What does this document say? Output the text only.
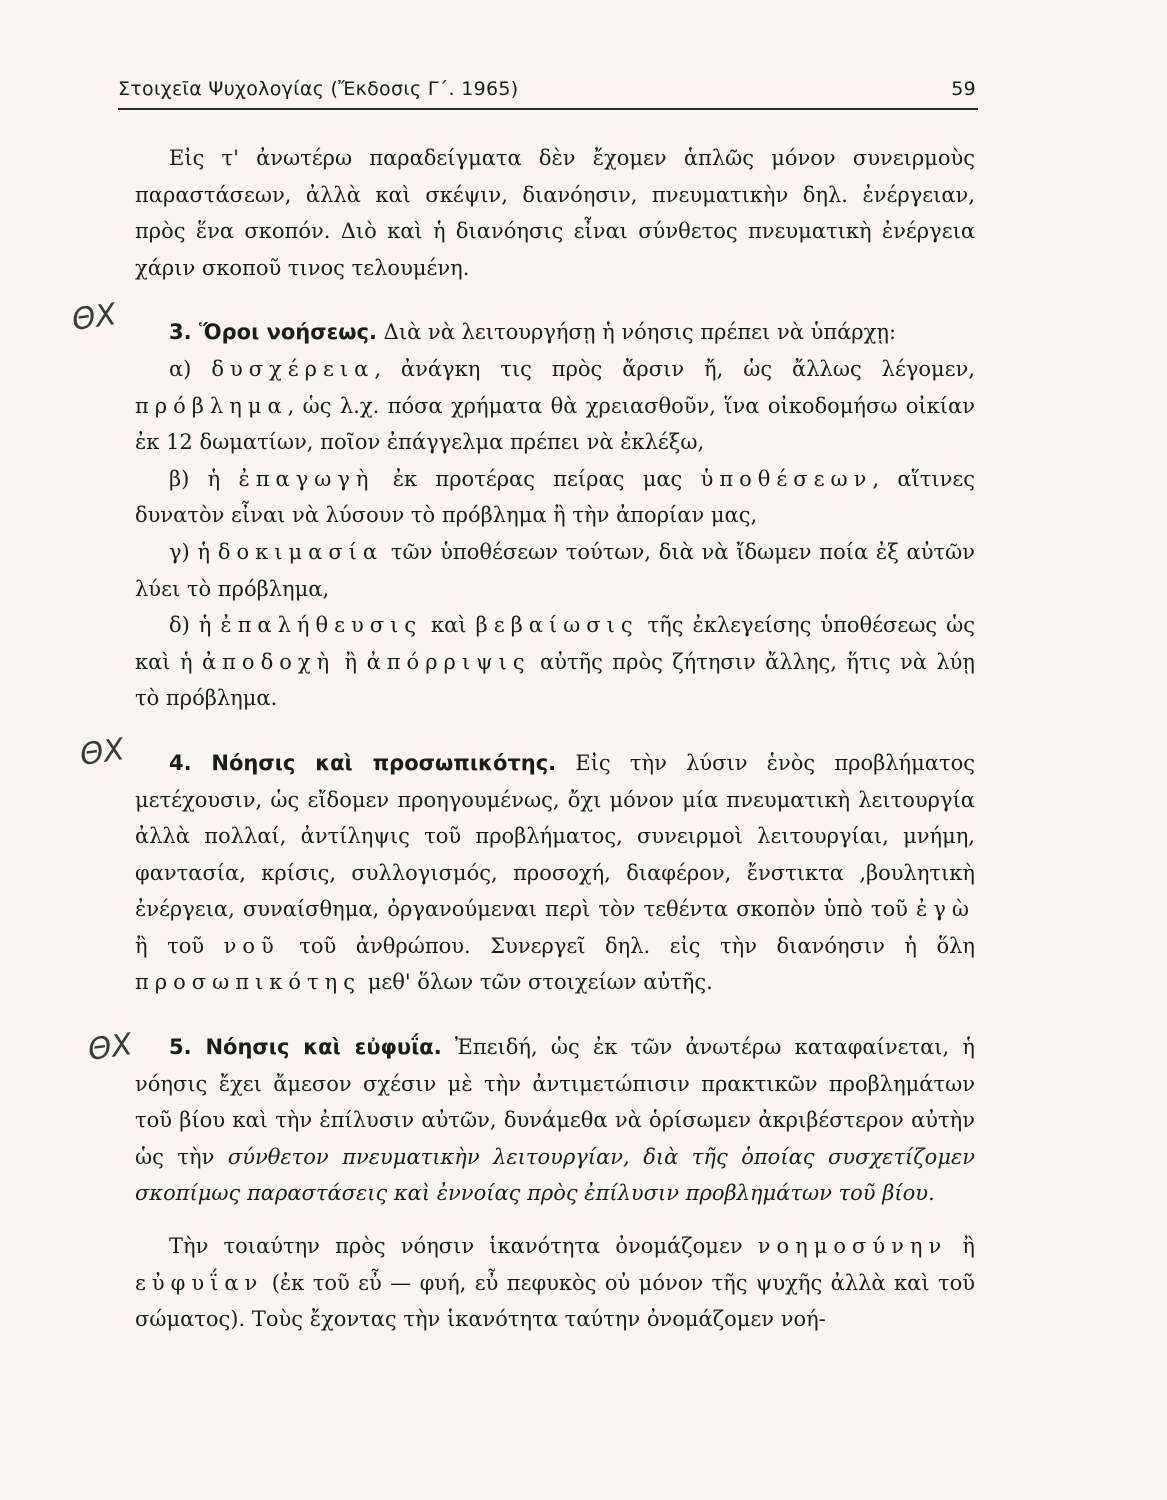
Στοιχεῖα Ψυχολογίας (Ἔκδοσις Γ΄. 1965)	59
ΘΧ
ΘΧ
ΘΧ

Εἰς τ' ἀνωτέρω παραδείγματα δὲν ἔχομεν ἁπλῶς μόνον συνειρμοὺς παραστάσεων, ἀλλὰ καὶ σκέψιν, διανόησιν, πνευματικὴν δηλ. ἐνέργειαν, πρὸς ἕνα σκοπόν. Διὸ καὶ ἡ διανόησις εἶναι σύνθετος πνευματικὴ ἐνέργεια χάριν σκοποῦ τινος τελουμένη.

3. Ὅροι νοήσεως. Διὰ νὰ λειτουργήσῃ ἡ νόησις πρέπει νὰ ὑπάρχῃ:

α) δυσχέρεια, ἀνάγκη τις πρὸς ἄρσιν ἤ, ὡς ἄλλως λέγομεν, πρόβλημα, ὡς λ.χ. πόσα χρήματα θὰ χρειασθοῦν, ἵνα οἰκοδομήσω οἰκίαν ἐκ 12 δωματίων, ποῖον ἐπάγγελμα πρέπει νὰ ἐκλέξω,

β) ἡ ἐπαγωγὴ ἐκ προτέρας πείρας μας ὑποθέσεων, αἵτινες δυνατὸν εἶναι νὰ λύσουν τὸ πρόβλημα ἢ τὴν ἀπορίαν μας,

γ) ἡ δοκιμασία τῶν ὑποθέσεων τούτων, διὰ νὰ ἴδωμεν ποία ἐξ αὐτῶν λύει τὸ πρόβλημα,

δ) ἡ ἐπαλήθευσις καὶ βεβαίωσις τῆς ἐκλεγείσης ὑποθέσεως ὡς καὶ ἡ ἀποδοχὴ ἢ ἀπόρριψις αὐτῆς πρὸς ζήτησιν ἄλλης, ἥτις νὰ λύῃ τὸ πρόβλημα.

4. Νόησις καὶ προσωπικότης. Εἰς τὴν λύσιν ἑνὸς προβλήματος μετέχουσιν, ὡς εἴδομεν προηγουμένως, ὄχι μόνον μία πνευματικὴ λειτουργία ἀλλὰ πολλαί, ἀντίληψις τοῦ προβλήματος, συνειρμοὶ λειτουργίαι, μνήμη, φαντασία, κρίσις, συλλογισμός, προσοχή, διαφέρον, ἔνστικτα ,βουλητικὴ ἐνέργεια, συναίσθημα, ὀργανούμεναι περὶ τὸν τεθέντα σκοπὸν ὑπὸ τοῦ ἐγὼ ἢ τοῦ νοῦ τοῦ ἀνθρώπου. Συνεργεῖ δηλ. εἰς τὴν διανόησιν ἡ ὅλη προσωπικότης μεθ' ὅλων τῶν στοιχείων αὐτῆς.

5. Νόησις καὶ εὐφυΐα. Ἐπειδή, ὡς ἐκ τῶν ἀνωτέρω καταφαίνεται, ἡ νόησις ἔχει ἄμεσον σχέσιν μὲ τὴν ἀντιμετώπισιν πρακτικῶν προβλημάτων τοῦ βίου καὶ τὴν ἐπίλυσιν αὐτῶν, δυνάμεθα νὰ ὁρίσωμεν ἀκριβέστερον αὐτὴν ὡς τὴν σύνθετον πνευματικὴν λειτουργίαν, διὰ τῆς ὁποίας συσχετίζομεν σκοπίμως παραστάσεις καὶ ἐννοίας πρὸς ἐπίλυσιν προβλημάτων τοῦ βίου.

Τὴν τοιαύτην πρὸς νόησιν ἱκανότητα ὀνομάζομεν νοημοσύνην ἢ εὐφυΐαν (ἐκ τοῦ εὖ — φυή, εὖ πεφυκὸς οὐ μόνον τῆς ψυχῆς ἀλλὰ καὶ τοῦ σώματος). Τοὺς ἔχοντας τὴν ἱκανότητα ταύτην ὀνομάζομεν νοή-
